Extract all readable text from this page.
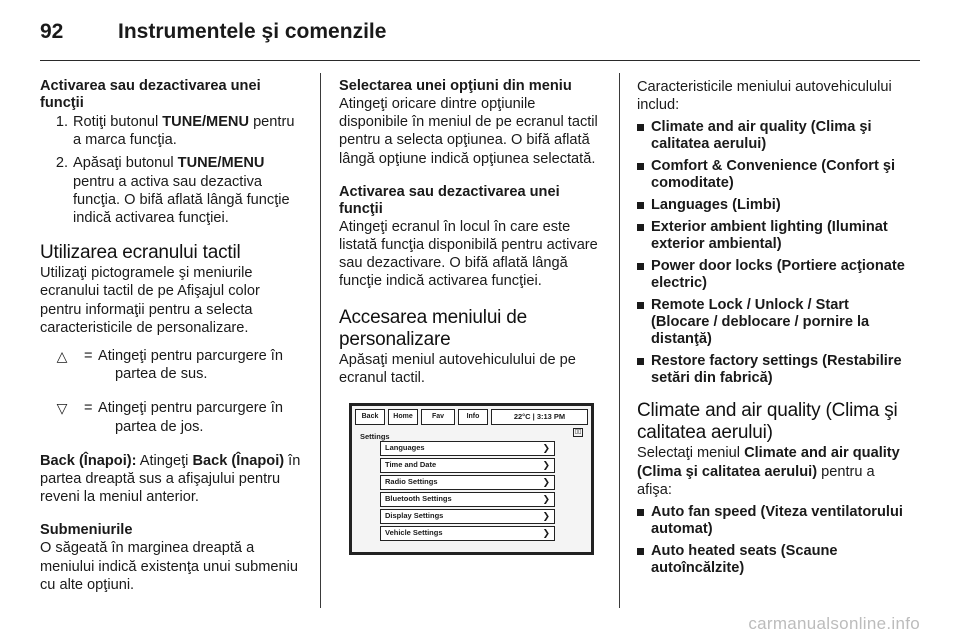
92	Instrumentele şi comenzile
Activarea sau dezactivarea unei funcţii
1. Rotiţi butonul TUNE/MENU pentru a marca funcţia.
2. Apăsaţi butonul TUNE/MENU pentru a activa sau dezactiva funcţia. O bifă aflată lângă funcţie indică activarea funcţiei.
Utilizarea ecranului tactil

Utilizaţi pictogramele şi meniurile ecranului tactil de pe Afişajul color pentru informaţii pentru a selecta caracteristicile de personalizare.

△	= Atingeţi pentru parcurgere în
partea de sus.
▽	= Atingeţi pentru parcurgere în
partea de jos.

Back (Înapoi): Atingeţi Back (Înapoi) în partea dreaptă sus a afişajului pentru reveni la meniul anterior.

Submeniurile

O săgeată în marginea dreaptă a meniului indică existenţa unui submeniu cu alte opţiuni.

Selectarea unei opţiuni din meniu

Atingeţi oricare dintre opţiunile disponibile în meniul de pe ecranul tactil pentru a selecta opţiunea. O bifă aflată lângă opţiune indică opţiunea selectată.

Activarea sau dezactivarea unei funcţii

Atingeţi ecranul în locul în care este listată funcţia disponibilă pentru activare sau dezactivare. O bifă aflată lângă funcţie indică activarea funcţiei.

Accesarea meniului de personalizare

Apăsaţi meniul autovehiculului de pe ecranul tactil.

Back	Home	Fav	Info	22°C | 3:13 PM
Settings	▯▯
Languages	❯
Time and Date	❯
Radio Settings	❯
Bluetooth Settings	❯
Display Settings	❯
Vehicle Settings	❯

Caracteristicile meniului autovehiculului includ:

Climate and air quality (Clima şi calitatea aerului)
Comfort & Convenience (Confort şi comoditate)
Languages (Limbi)
Exterior ambient lighting (Iluminat exterior ambiental)
Power door locks (Portiere acţionate electric)
Remote Lock / Unlock / Start (Blocare / deblocare / pornire la distanţă)
Restore factory settings (Restabilire setări din fabrică)
Climate and air quality (Clima şi calitatea aerului)

Selectaţi meniul Climate and air quality (Clima şi calitatea aerului) pentru a afişa:

Auto fan speed (Viteza ventilatorului automat)
Auto heated seats (Scaune autoîncălzite)
carmanualsonline.info
